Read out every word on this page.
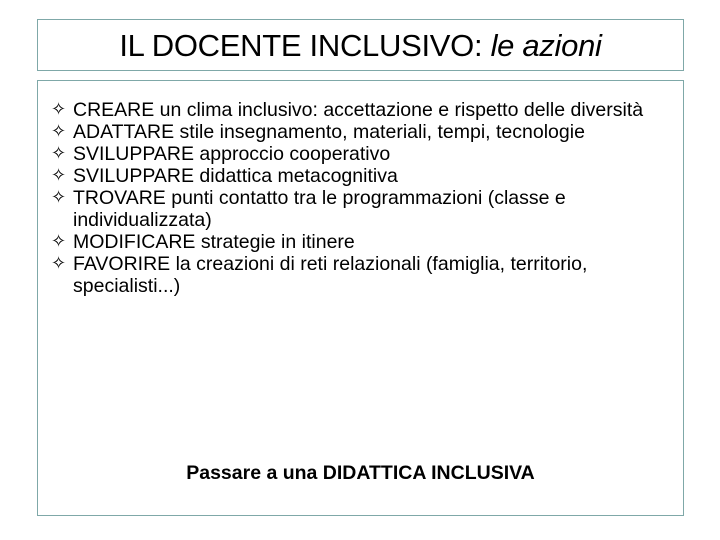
IL DOCENTE INCLUSIVO: le azioni
✧ CREARE un clima inclusivo: accettazione e rispetto delle diversità
✧ ADATTARE stile insegnamento, materiali, tempi, tecnologie
✧ SVILUPPARE approccio cooperativo
✧ SVILUPPARE didattica metacognitiva
✧ TROVARE punti contatto tra le programmazioni (classe e individualizzata)
✧ MODIFICARE strategie in itinere
✧ FAVORIRE la creazioni di reti relazionali (famiglia, territorio, specialisti...)
Passare a una DIDATTICA INCLUSIVA
